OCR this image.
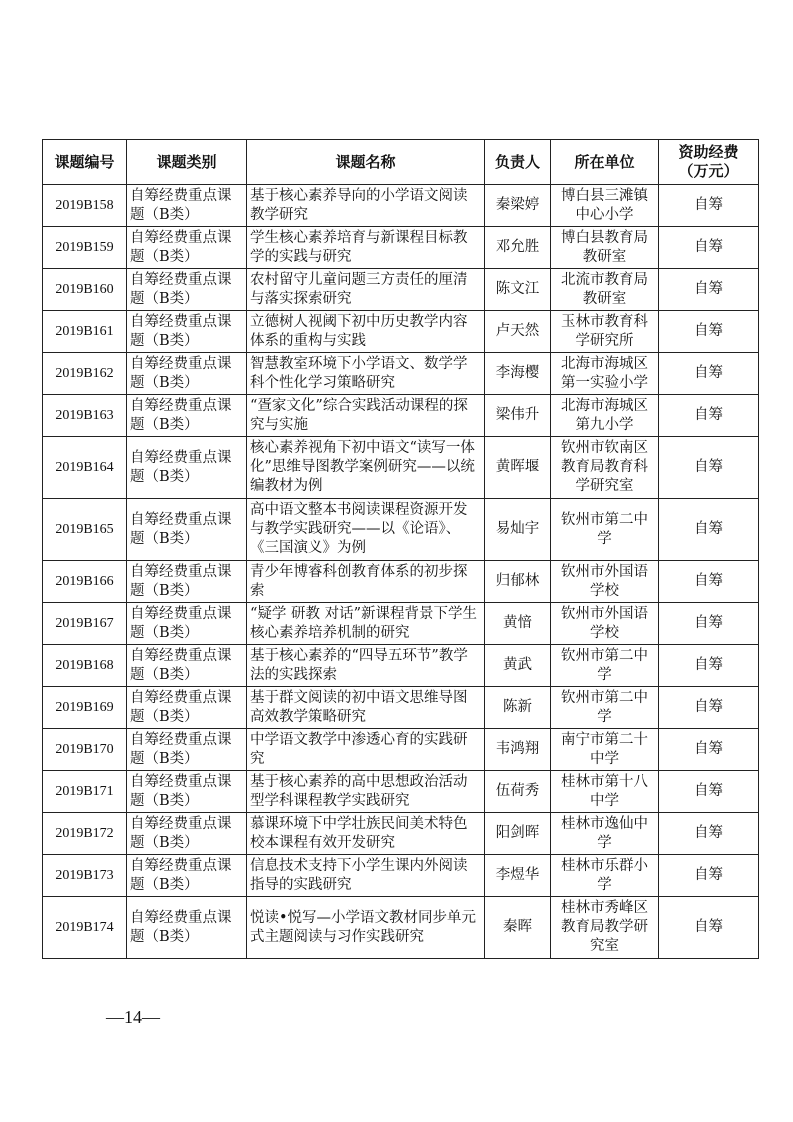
课题编号	课题类别	课题名称	负责人	所在单位	资助经费
（万元）
2019B158	自筹经费重点课题（B类）	基于核心素养导向的小学语文阅读教学研究	秦梁婷	博白县三滩镇中心小学	自筹
2019B159	自筹经费重点课题（B类）	学生核心素养培育与新课程目标教学的实践与研究	邓允胜	博白县教育局教研室	自筹
2019B160	自筹经费重点课题（B类）	农村留守儿童问题三方责任的厘清与落实探索研究	陈文江	北流市教育局教研室	自筹
2019B161	自筹经费重点课题（B类）	立德树人视阈下初中历史教学内容体系的重构与实践	卢天然	玉林市教育科学研究所	自筹
2019B162	自筹经费重点课题（B类）	智慧教室环境下小学语文、数学学科个性化学习策略研究	李海樱	北海市海城区第一实验小学	自筹
2019B163	自筹经费重点课题（B类）	“疍家文化”综合实践活动课程的探究与实施	梁伟升	北海市海城区第九小学	自筹
2019B164	自筹经费重点课题（B类）	核心素养视角下初中语文“读写一体化”思维导图教学案例研究——以统编教材为例	黄晖堰	钦州市钦南区教育局教育科学研究室	自筹
2019B165	自筹经费重点课题（B类）	高中语文整本书阅读课程资源开发与教学实践研究——以《论语》、《三国演义》为例	易灿宇	钦州市第二中学	自筹
2019B166	自筹经费重点课题（B类）	青少年博睿科创教育体系的初步探索	归郁林	钦州市外国语学校	自筹
2019B167	自筹经费重点课题（B类）	“疑学 研教 对话”新课程背景下学生核心素养培养机制的研究	黄愔	钦州市外国语学校	自筹
2019B168	自筹经费重点课题（B类）	基于核心素养的“四导五环节”教学法的实践探索	黄武	钦州市第二中学	自筹
2019B169	自筹经费重点课题（B类）	基于群文阅读的初中语文思维导图高效教学策略研究	陈新	钦州市第二中学	自筹
2019B170	自筹经费重点课题（B类）	中学语文教学中渗透心育的实践研究	韦鸿翔	南宁市第二十中学	自筹
2019B171	自筹经费重点课题（B类）	基于核心素养的高中思想政治活动型学科课程教学实践研究	伍荷秀	桂林市第十八中学	自筹
2019B172	自筹经费重点课题（B类）	慕课环境下中学壮族民间美术特色校本课程有效开发研究	阳剑晖	桂林市逸仙中学	自筹
2019B173	自筹经费重点课题（B类）	信息技术支持下小学生课内外阅读指导的实践研究	李煜华	桂林市乐群小学	自筹
2019B174	自筹经费重点课题（B类）	悦读•悦写—小学语文教材同步单元式主题阅读与习作实践研究	秦晖	桂林市秀峰区教育局教学研究室	自筹
—14—
